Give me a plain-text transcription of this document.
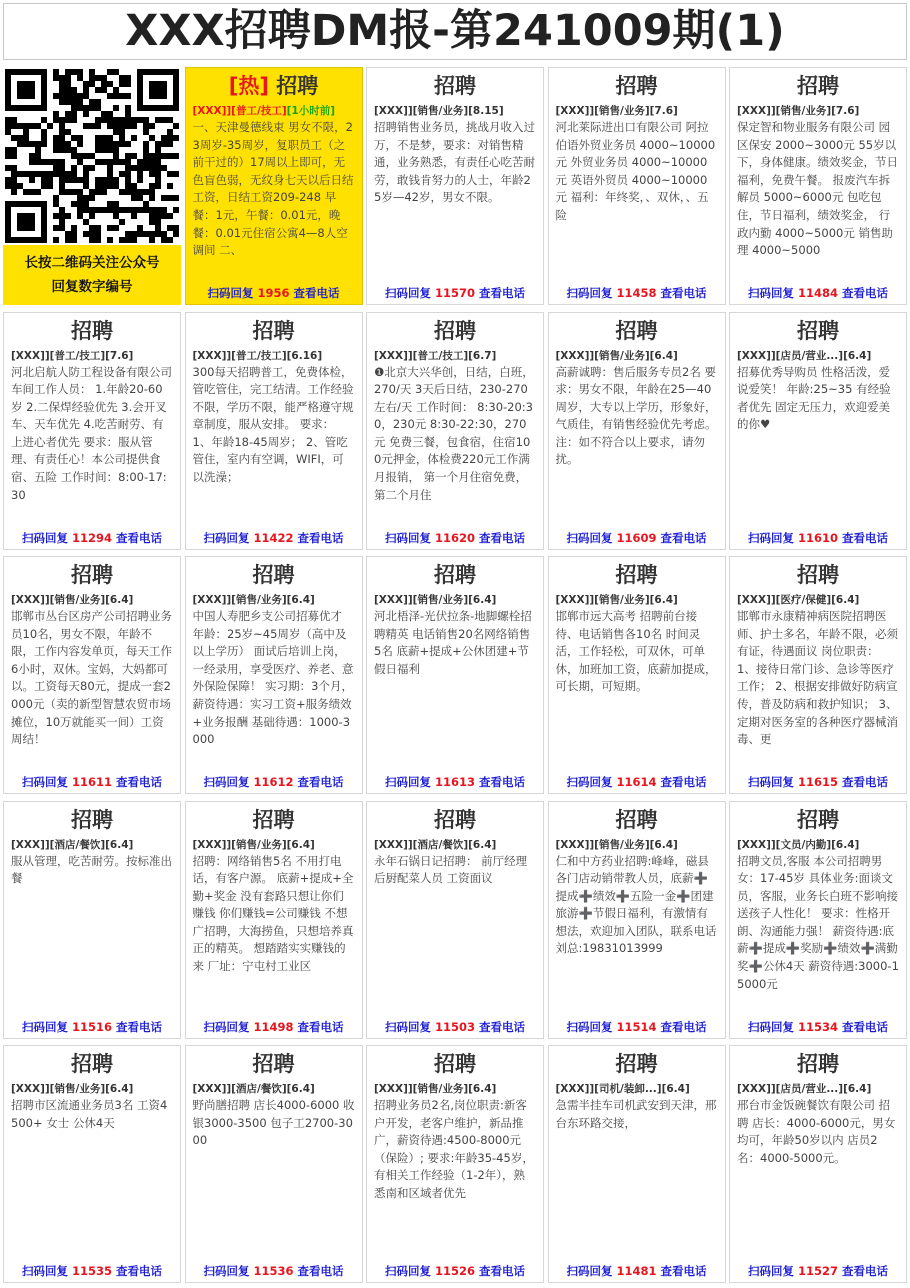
XXX招聘DM报-第241009期(1)
长按二维码关注公众号
回复数字编号
[热] 招聘
[XXX]][普工/技工][1小时前]
一、天津曼德线束 男女不限，23周岁-35周岁，复职员工（之前干过的）17周以上即可，无色盲色弱，无纹身七天以后日结工资，日结工资209-248 早餐：1元，午餐：0.01元，晚餐：0.01元住宿公寓4—8人空调间 二、
扫码回复 1956 查看电话
招聘
[XXX]][销售/业务][8.15]
招聘销售业务员，挑战月收入过万，不是梦，要求：对销售精通，业务熟悉，有责任心吃苦耐劳，敢钱肯努力的人士，年龄25岁—42岁，男女不限。
扫码回复 11570 查看电话
招聘
[XXX]][销售/业务][7.6]
河北莱际进出口有限公司 阿拉伯语外贸业务员 4000~10000元 外贸业务员 4000~10000元 英语外贸员 4000~10000元 福利：年终奖，、双休，、五险
扫码回复 11458 查看电话
招聘
[XXX]][销售/业务][7.6]
保定智和物业服务有限公司 园区保安 2000~3000元 55岁以下，身体健康。绩效奖金，节日福利，免费午餐。 报废汽车拆解员 5000~6000元 包吃包住，节日福利，绩效奖金， 行政内勤 4000~5000元 销售助理 4000~5000
扫码回复 11484 查看电话
招聘
[XXX]][普工/技工][7.6]
河北启航人防工程设备有限公司 车间工作人员： 1.年龄20-60岁 2.二保焊经验优先 3.会开叉车、天车优先 4.吃苦耐劳、有上进心者优先 要求：服从管理、有责任心！本公司提供食宿、五险 工作时间：8:00-17:30
扫码回复 11294 查看电话
招聘
[XXX]][普工/技工][6.16]
300每天招聘普工，免费体检，管吃管住，完工结清。工作经验不限，学历不限，能严格遵守规章制度，服从安排。 要求： 1、年龄18-45周岁； 2、管吃管住，室内有空调，WIFI，可以洗澡；
扫码回复 11422 查看电话
招聘
[XXX]][普工/技工][6.7]
❶北京大兴华创，日结，白班，270/天 3天后日结，230-270左右/天 工作时间： 8:30-20:30，230元 8:30-22:30，270元 免费三餐，包食宿，住宿100元押金，体检费220元工作满月报销， 第一个月住宿免费，第二个月住
扫码回复 11620 查看电话
招聘
[XXX]][销售/业务][6.4]
高薪诚聘：售后服务专员2名 要求：男女不限，年龄在25—40周岁，大专以上学历，形象好，气质佳，有销售经验优先考虑。 注：如不符合以上要求，请勿扰。
扫码回复 11609 查看电话
招聘
[XXX]][店员/营业...][6.4]
招募优秀导购员 性格活泼，爱说爱笑！ 年龄:25~35 有经验者优先 固定无压力，欢迎爱美的你♥
扫码回复 11610 查看电话
招聘
[XXX]][销售/业务][6.4]
邯郸市丛台区房产公司招聘业务员10名，男女不限，年龄不限，工作内容发单页，每天工作6小时，双休。宝妈，大妈都可以。工资每天80元，提成一套2000元（卖的新型智慧农贸市场摊位，10万就能买一间）工资周结！
扫码回复 11611 查看电话
招聘
[XXX]][销售/业务][6.4]
中国人寿肥乡支公司招募优才 年龄：25岁~45周岁（高中及以上学历） 面试后培训上岗，一经录用，享受医疗、养老、意外保险保障！ 实习期：3个月， 薪资待遇：实习工资+服务绩效+业务报酬 基础待遇：1000-3000
扫码回复 11612 查看电话
招聘
[XXX]][销售/业务][6.4]
河北梧泽-光伏拉条-地脚螺栓招聘精英 电话销售20名网络销售5名 底薪+提成+公休团建+节假日福利
扫码回复 11613 查看电话
招聘
[XXX]][销售/业务][6.4]
邯郸市远大高考 招聘前台接待、电话销售各10名 时间灵活，工作轻松，可双休，可单休，加班加工资，底薪加提成，可长期，可短期。
扫码回复 11614 查看电话
招聘
[XXX]][医疗/保健][6.4]
邯郸市永康精神病医院招聘医师、护士多名，年龄不限，必须有证，待遇面议 岗位职责： 1、接待日常门诊、急诊等医疗工作； 2、根据安排做好防病宣传，普及防病和救护知识； 3、定期对医务室的各种医疗器械消毒、更
扫码回复 11615 查看电话
招聘
[XXX]][酒店/餐饮][6.4]
服从管理，吃苦耐劳。按标准出餐
扫码回复 11516 查看电话
招聘
[XXX]][销售/业务][6.4]
招聘：网络销售5名 不用打电话，有客户源。 底薪+提成+全勤+奖金 没有套路只想让你们赚钱 你们赚钱=公司赚钱 不想广招聘，大海捞鱼，只想培养真正的精英。 想踏踏实实赚钱的来 厂址：宁屯村工业区
扫码回复 11498 查看电话
招聘
[XXX]][酒店/餐饮][6.4]
永年石锅日记招聘： 前厅经理 后厨配菜人员 工资面议
扫码回复 11503 查看电话
招聘
[XXX]][销售/业务][6.4]
仁和中方药业招聘:峰峰，磁县各门店动销带教人员，底薪➕提成➕绩效➕五险一金➕团建旅游➕节假日福利，有激情有想法，欢迎加入团队，联系电话刘总:19831013999
扫码回复 11514 查看电话
招聘
[XXX]][文员/内勤][6.4]
招聘文员,客服 本公司招聘男女：17-45岁 具体业务:面谈文员，客服，业务长白班不影响接送孩子人性化！ 要求：性格开朗、沟通能力强！ 薪资待遇:底薪➕提成➕奖励➕绩效➕满勤奖➕公休4天 薪资待遇:3000-15000元
扫码回复 11534 查看电话
招聘
[XXX]][销售/业务][6.4]
招聘市区流通业务员3名 工资4500+ 女士 公休4天
扫码回复 11535 查看电话
招聘
[XXX]][酒店/餐饮][6.4]
野尚膳招聘 店长4000-6000 收银3000-3500 包子工2700-3000
扫码回复 11536 查看电话
招聘
[XXX]][销售/业务][6.4]
招聘业务员2名,岗位职责:新客户开发，老客户维护，新品推广，薪资待遇:4500-8000元（保险）; 要求:年龄35-45岁，有相关工作经验（1-2年），熟悉南和区域者优先
扫码回复 11526 查看电话
招聘
[XXX]][司机/装卸...][6.4]
急需半挂车司机武安到天津，邢台东环路交接，
扫码回复 11481 查看电话
招聘
[XXX]][店员/营业...][6.4]
邢台市金饭碗餐饮有限公司 招聘 店长：4000-6000元，男女均可，年龄50岁以内 店员2名：4000-5000元。
扫码回复 11527 查看电话
